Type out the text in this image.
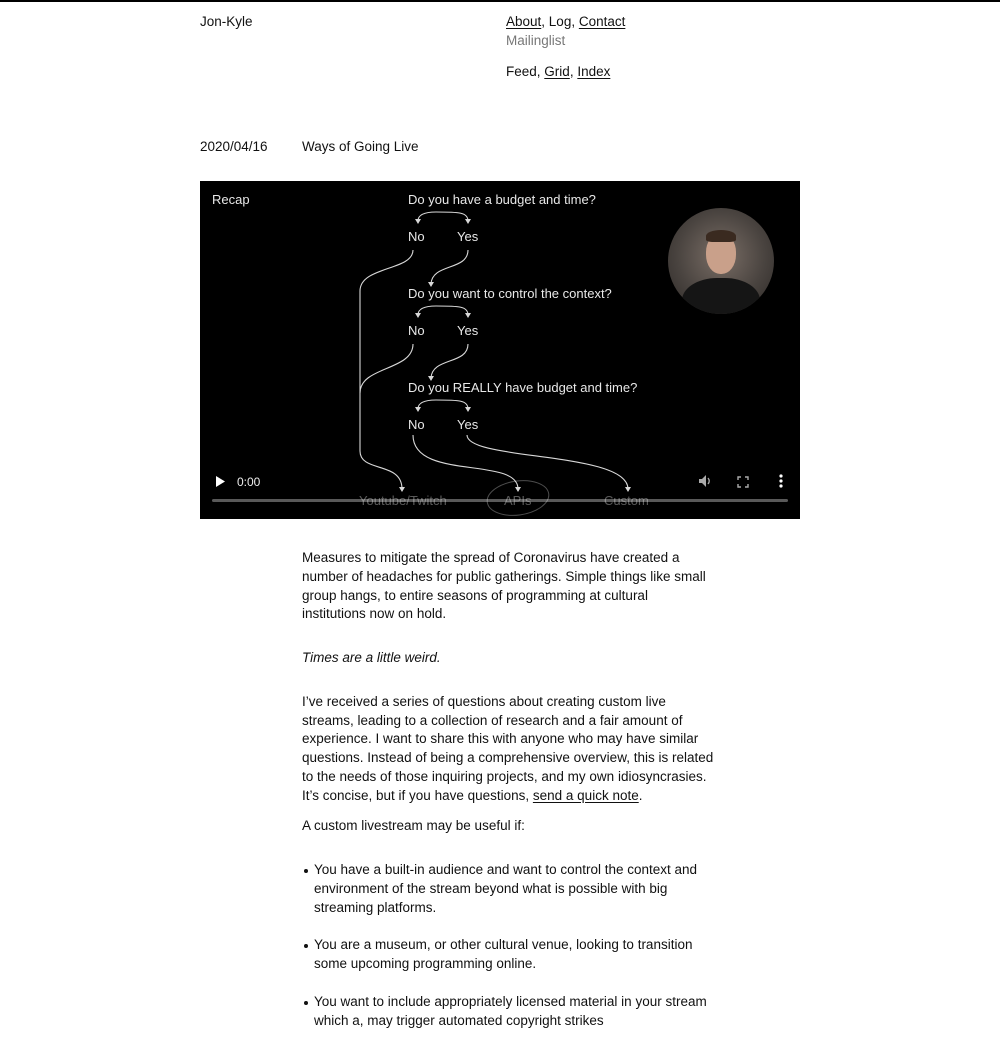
Jon-Kyle	About, Log, Contact
Mailinglist
Feed, Grid, Index
2020/04/16	Ways of Going Live
Recap	Do you have a budget and time?
No Yes
Do you want to control the context?
No Yes
Do you REALLY have budget and time?
No Yes
Youtube/Twitch	APIs	Custom
0:00

Measures to mitigate the spread of Coronavirus have created a number of headaches for public gatherings. Simple things like small group hangs, to entire seasons of programming at cultural institutions now on hold.

Times are a little weird.

I’ve received a series of questions about creating custom live streams, leading to a collection of research and a fair amount of experience. I want to share this with anyone who may have similar questions. Instead of being a comprehensive overview, this is related to the needs of those inquiring projects, and my own idiosyncrasies. It’s concise, but if you have questions, send a quick note.

A custom livestream may be useful if:

You have a built-in audience and want to control the context and environment of the stream beyond what is possible with big streaming platforms.
You are a museum, or other cultural venue, looking to transition some upcoming programming online.
You want to include appropriately licensed material in your stream which a, may trigger automated copyright strikes
